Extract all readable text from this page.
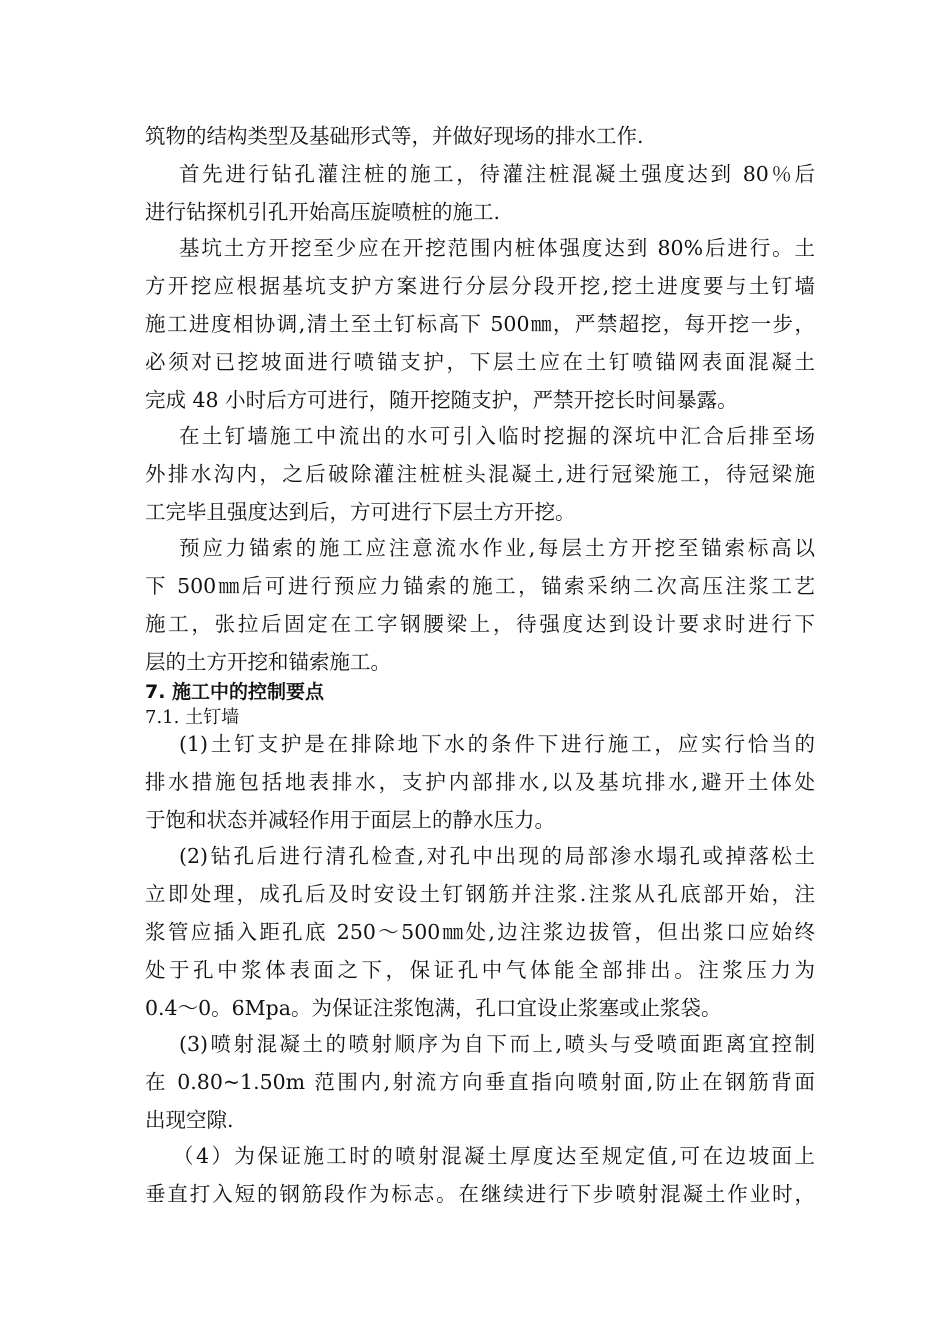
筑物的结构类型及基础形式等，并做好现场的排水工作.
首先进行钻孔灌注桩的施工，待灌注桩混凝土强度达到 80％后
进行钻探机引孔开始高压旋喷桩的施工.
基坑土方开挖至少应在开挖范围内桩体强度达到 80%后进行。土
方开挖应根据基坑支护方案进行分层分段开挖,挖土进度要与土钉墙
施工进度相协调,清土至土钉标高下 500㎜，严禁超挖，每开挖一步，
必须对已挖坡面进行喷锚支护，下层土应在土钉喷锚网表面混凝土
完成 48 小时后方可进行，随开挖随支护，严禁开挖长时间暴露。
在土钉墙施工中流出的水可引入临时挖掘的深坑中汇合后排至场
外排水沟内，之后破除灌注桩桩头混凝土,进行冠梁施工，待冠梁施
工完毕且强度达到后，方可进行下层土方开挖。
预应力锚索的施工应注意流水作业,每层土方开挖至锚索标高以
下 500㎜后可进行预应力锚索的施工，锚索采纳二次高压注浆工艺
施工，张拉后固定在工字钢腰梁上，待强度达到设计要求时进行下
层的土方开挖和锚索施工。
7. 施工中的控制要点
7.1. 土钉墙
(1)土钉支护是在排除地下水的条件下进行施工，应实行恰当的
排水措施包括地表排水，支护内部排水,以及基坑排水,避开土体处
于饱和状态并减轻作用于面层上的静水压力。
(2)钻孔后进行清孔检查,对孔中出现的局部渗水塌孔或掉落松土
立即处理，成孔后及时安设土钉钢筋并注浆.注浆从孔底部开始，注
浆管应插入距孔底 250～500㎜处,边注浆边拔管，但出浆口应始终
处于孔中浆体表面之下，保证孔中气体能全部排出。注浆压力为
0.4～0。6Mpa。为保证注浆饱满，孔口宜设止浆塞或止浆袋。
(3)喷射混凝土的喷射顺序为自下而上,喷头与受喷面距离宜控制
在 0.80~1.50m 范围内,射流方向垂直指向喷射面,防止在钢筋背面
出现空隙.
（4）为保证施工时的喷射混凝土厚度达至规定值,可在边坡面上
垂直打入短的钢筋段作为标志。在继续进行下步喷射混凝土作业时，
